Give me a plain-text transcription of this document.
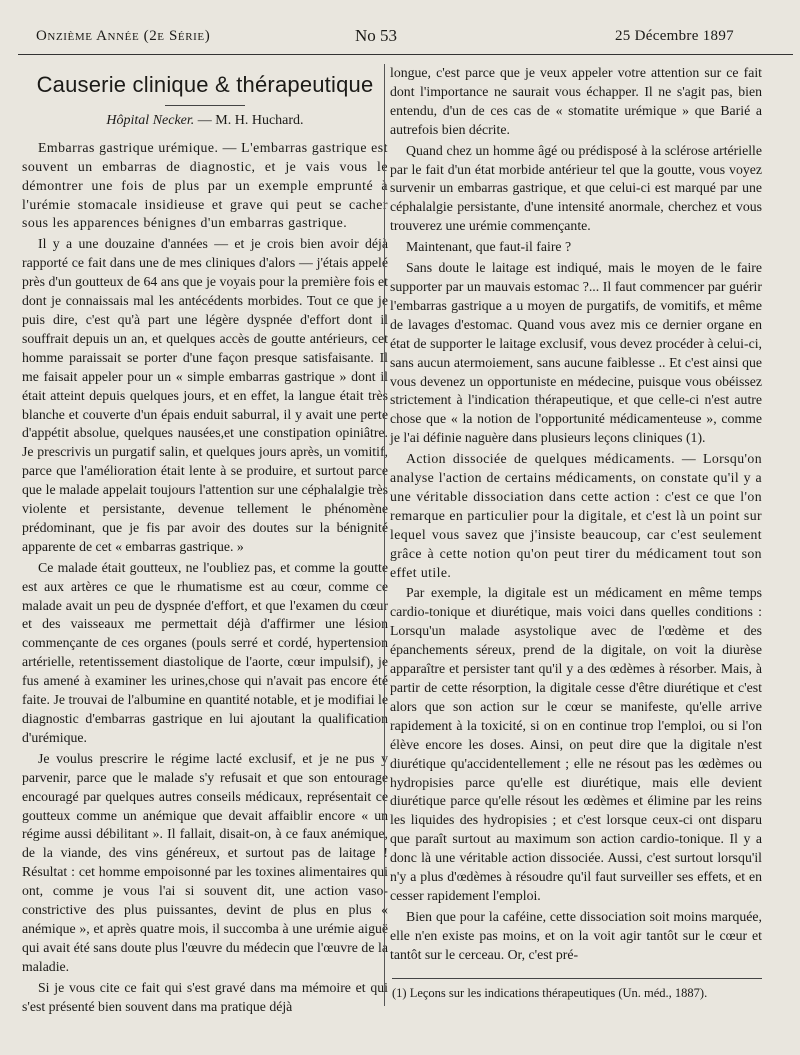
Onzième Année (2e Série)	No 53	25 Décembre 1897
Causerie clinique & thérapeutique
Hôpital Necker. — M. H. Huchard.

Embarras gastrique urémique. — L'embarras gastrique est souvent un embarras de diagnostic, et je vais vous le démontrer une fois de plus par un exemple emprunté à l'urémie stomacale insidieuse et grave qui peut se cacher sous les apparences bénignes d'un embarras gastrique.

Il y a une douzaine d'années — et je crois bien avoir déjà rapporté ce fait dans une de mes cliniques d'alors — j'étais appelé près d'un goutteux de 64 ans que je voyais pour la première fois et dont je connaissais mal les antécédents morbides. Tout ce que je puis dire, c'est qu'à part une légère dyspnée d'effort dont il souffrait depuis un an, et quelques accès de goutte antérieurs, cet homme paraissait se porter d'une façon presque satisfaisante. Il me faisait appeler pour un « simple embarras gastrique » dont il était atteint depuis quelques jours, et en effet, la langue était très blanche et couverte d'un épais enduit saburral, il y avait une perte d'appétit absolue, quelques nausées,et une constipation opiniâtre. Je prescrivis un purgatif salin, et quelques jours après, un vomitif, parce que l'amélioration était lente à se produire, et surtout parce que le malade appelait toujours l'attention sur une céphalalgie très violente et persistante, devenue tellement le phénomène prédominant, que je fis par avoir des doutes sur la bénignité apparente de cet « embarras gastrique. »

Ce malade était goutteux, ne l'oubliez pas, et comme la goutte est aux artères ce que le rhumatisme est au cœur, comme ce malade avait un peu de dyspnée d'effort, et que l'examen du cœur et des vaisseaux me permettait déjà d'affirmer une lésion commençante de ces organes (pouls serré et cordé, hypertension artérielle, retentissement diastolique de l'aorte, cœur impulsif), je fus amené à examiner les urines,chose qui n'avait pas encore été faite. Je trouvai de l'albumine en quantité notable, et je modifiai le diagnostic d'embarras gastrique en lui ajoutant la qualification d'urémique.

Je voulus prescrire le régime lacté exclusif, et je ne pus y parvenir, parce que le malade s'y refusait et que son entourage encouragé par quelques autres conseils médicaux, représentait ce goutteux comme un anémique que devait affaiblir encore « un régime aussi débilitant ». Il fallait, disait-on, à ce faux anémique, de la viande, des vins généreux, et surtout pas de laitage ! Résultat : cet homme empoisonné par les toxines alimentaires qui ont, comme je vous l'ai si souvent dit, une action vaso-constrictive des plus puissantes, devint de plus en plus « anémique », et après quatre mois, il succomba à une urémie aiguë qui avait été sans doute plus l'œuvre du médecin que l'œuvre de la maladie.

Si je vous cite ce fait qui s'est gravé dans ma mémoire et qui s'est présenté bien souvent dans ma pratique déjà

longue, c'est parce que je veux appeler votre attention sur ce fait dont l'importance ne saurait vous échapper. Il ne s'agit pas, bien entendu, d'un de ces cas de « stomatite urémique » que Barié a autrefois bien décrite.

Quand chez un homme âgé ou prédisposé à la sclérose artérielle par le fait d'un état morbide antérieur tel que la goutte, vous voyez survenir un embarras gastrique, et que celui-ci est marqué par une céphalalgie persistante, d'une intensité anormale, cherchez et vous trouverez une urémie commençante.

Maintenant, que faut-il faire ?

Sans doute le laitage est indiqué, mais le moyen de le faire supporter par un mauvais estomac ?... Il faut commencer par guérir l'embarras gastrique a u moyen de purgatifs, de vomitifs, et même de lavages d'estomac. Quand vous avez mis ce dernier organe en état de supporter le laitage exclusif, vous devez procéder à celui-ci, sans aucun atermoiement, sans aucune faiblesse .. Et c'est ainsi que vous devenez un opportuniste en médecine, puisque vous obéissez strictement à l'indication thérapeutique, et que celle-ci n'est autre chose que « la notion de l'opportunité médicamenteuse », comme je l'ai définie naguère dans plusieurs leçons cliniques (1).

Action dissociée de quelques médicaments. — Lorsqu'on analyse l'action de certains médicaments, on constate qu'il y a une véritable dissociation dans cette action : c'est ce que l'on remarque en particulier pour la digitale, et c'est là un point sur lequel vous savez que j'insiste beaucoup, car c'est seulement grâce à cette notion qu'on peut tirer du médicament tout son effet utile.

Par exemple, la digitale est un médicament en même temps cardio-tonique et diurétique, mais voici dans quelles conditions : Lorsqu'un malade asystolique avec de l'œdème et des épanchements séreux, prend de la digitale, on voit la diurèse apparaître et persister tant qu'il y a des œdèmes à résorber. Mais, à partir de cette résorption, la digitale cesse d'être diurétique et c'est alors que son action sur le cœur se manifeste, qu'elle arrive rapidement à la toxicité, si on en continue trop l'emploi, ou si l'on élève encore les doses. Ainsi, on peut dire que la digitale n'est diurétique qu'accidentellement ; elle ne résout pas les œdèmes ou hydropisies parce qu'elle est diurétique, mais elle devient diurétique parce qu'elle résout les œdèmes et élimine par les reins les liquides des hydropisies ; et c'est lorsque ceux-ci ont disparu que paraît surtout au maximum son action cardio-tonique. Il y a donc là une véritable action dissociée. Aussi, c'est surtout lorsqu'il n'y a plus d'œdèmes à résoudre qu'il faut surveiller ses effets, et en cesser rapidement l'emploi.

Bien que pour la caféine, cette dissociation soit moins marquée, elle n'en existe pas moins, et on la voit agir tantôt sur le cœur et tantôt sur le cerceau. Or, c'est pré-

(1) Leçons sur les indications thérapeutiques (Un. méd., 1887).
